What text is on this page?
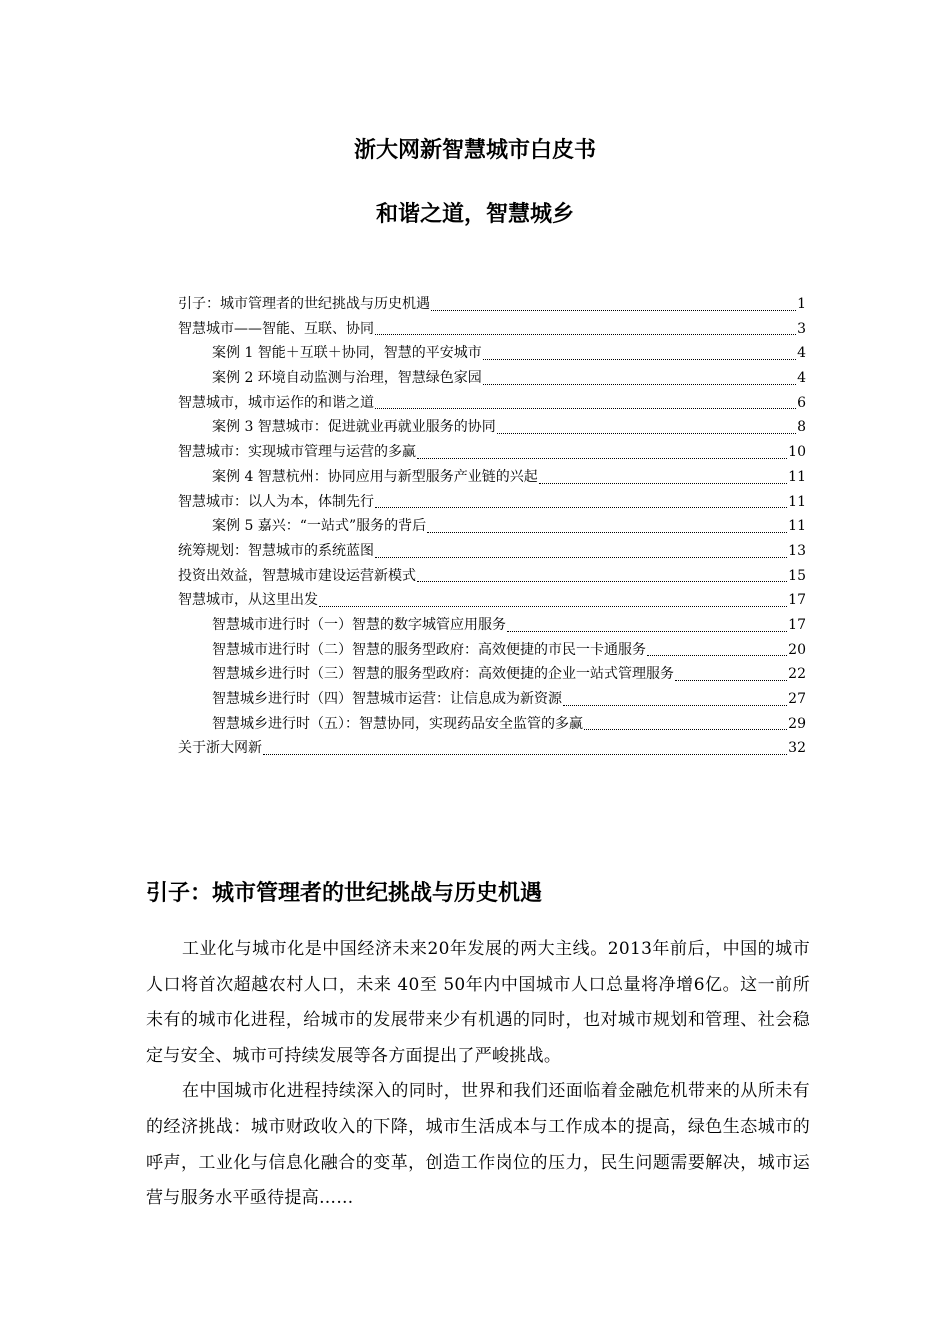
浙大网新智慧城市白皮书
和谐之道，智慧城乡
引子：城市管理者的世纪挑战与历史机遇	1
智慧城市——智能、互联、协同	3
案例 1 智能＋互联＋协同，智慧的平安城市	4
案例 2 环境自动监测与治理，智慧绿色家园	4
智慧城市，城市运作的和谐之道	6
案例 3 智慧城市：促进就业再就业服务的协同	8
智慧城市：实现城市管理与运营的多赢	10
案例 4 智慧杭州：协同应用与新型服务产业链的兴起	11
智慧城市：以人为本，体制先行	11
案例 5 嘉兴：“一站式”服务的背后	11
统筹规划：智慧城市的系统蓝图	13
投资出效益，智慧城市建设运营新模式	15
智慧城市，从这里出发	17
智慧城市进行时（一）智慧的数字城管应用服务	17
智慧城市进行时（二）智慧的服务型政府：高效便捷的市民一卡通服务	20
智慧城乡进行时（三）智慧的服务型政府：高效便捷的企业一站式管理服务	22
智慧城乡进行时（四）智慧城市运营：让信息成为新资源	27
智慧城乡进行时（五）：智慧协同，实现药品安全监管的多赢	29
关于浙大网新	32
引子：城市管理者的世纪挑战与历史机遇

工业化与城市化是中国经济未来20年发展的两大主线。2013年前后，中国的城市人口将首次超越农村人口，未来 40至 50年内中国城市人口总量将净增6亿。这一前所未有的城市化进程，给城市的发展带来少有机遇的同时，也对城市规划和管理、社会稳定与安全、城市可持续发展等各方面提出了严峻挑战。

在中国城市化进程持续深入的同时，世界和我们还面临着金融危机带来的从所未有的经济挑战：城市财政收入的下降，城市生活成本与工作成本的提高，绿色生态城市的呼声，工业化与信息化融合的变革，创造工作岗位的压力，民生问题需要解决，城市运营与服务水平亟待提高……
